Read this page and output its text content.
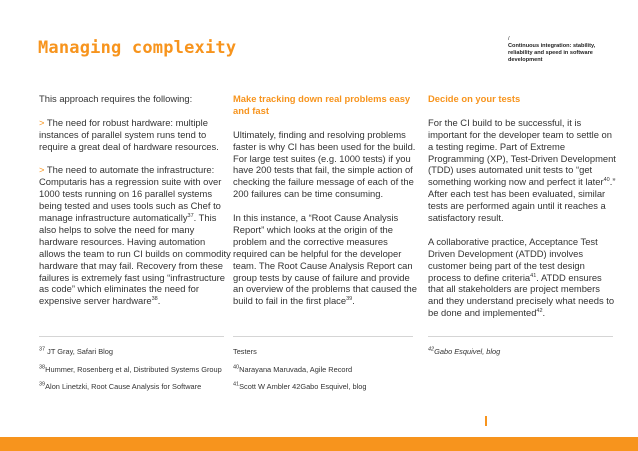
Managing complexity	/
Continuous integration: stability, reliability and speed in software development

This approach requires the following:

> The need for robust hardware: multiple instances of parallel system runs tend to require a great deal of hardware resources.

> The need to automate the infrastructure: Computaris has a regression suite with over 1000 tests running on 16 parallel systems being tested and uses tools such as Chef to manage infrastructure automatically$^{37}$. This also helps to solve the need for many hardware resources. Having automation allows the team to run CI builds on commodity hardware that may fail. Recovery from these failures is extremely fast using “infrastructure as code” which eliminates the need for expensive server hardware$^{38}$.

Make tracking down real problems easy and fast

Ultimately, finding and resolving problems faster is why CI has been used for the build. For large test suites (e.g. 1000 tests) if you have 200 tests that fail, the simple action of checking the failure message of each of the 200 failures can be time consuming.

In this instance, a “Root Cause Analysis Report” which looks at the origin of the problem and the corrective measures required can be helpful for the developer team. The Root Cause Analysis Report can group tests by cause of failure and provide an overview of the problems that caused the build to fail in the first place$^{39}$.

Decide on your tests

For the CI build to be successful, it is important for the developer team to settle on a testing regime. Part of Extreme Programming (XP), Test-Driven Development (TDD) uses automated unit tests to “get something working now and perfect it later$^{40}$.” After each test has been evaluated, similar tests are performed again until it reaches a satisfactory result.

A collaborative practice, Acceptance Test Driven Development (ATDD) involves customer being part of the test design process to define criteria$^{41}$. ATDD ensures that all stakeholders are project members and they understand precisely what needs to be done and implemented$^{42}$.

$^{37}$ JT Gray, Safari Blog

$^{38}$Hummer, Rosenberg et al, Distributed Systems Group

$^{39}$Alon Linetzki, Root Cause Analysis for Software

Testers

$^{40}$Narayana Maruvada, Agile Record

$^{41}$Scott W Ambler 42Gabo Esquivel, blog

$^{42}$Gabo Esquivel, blog
